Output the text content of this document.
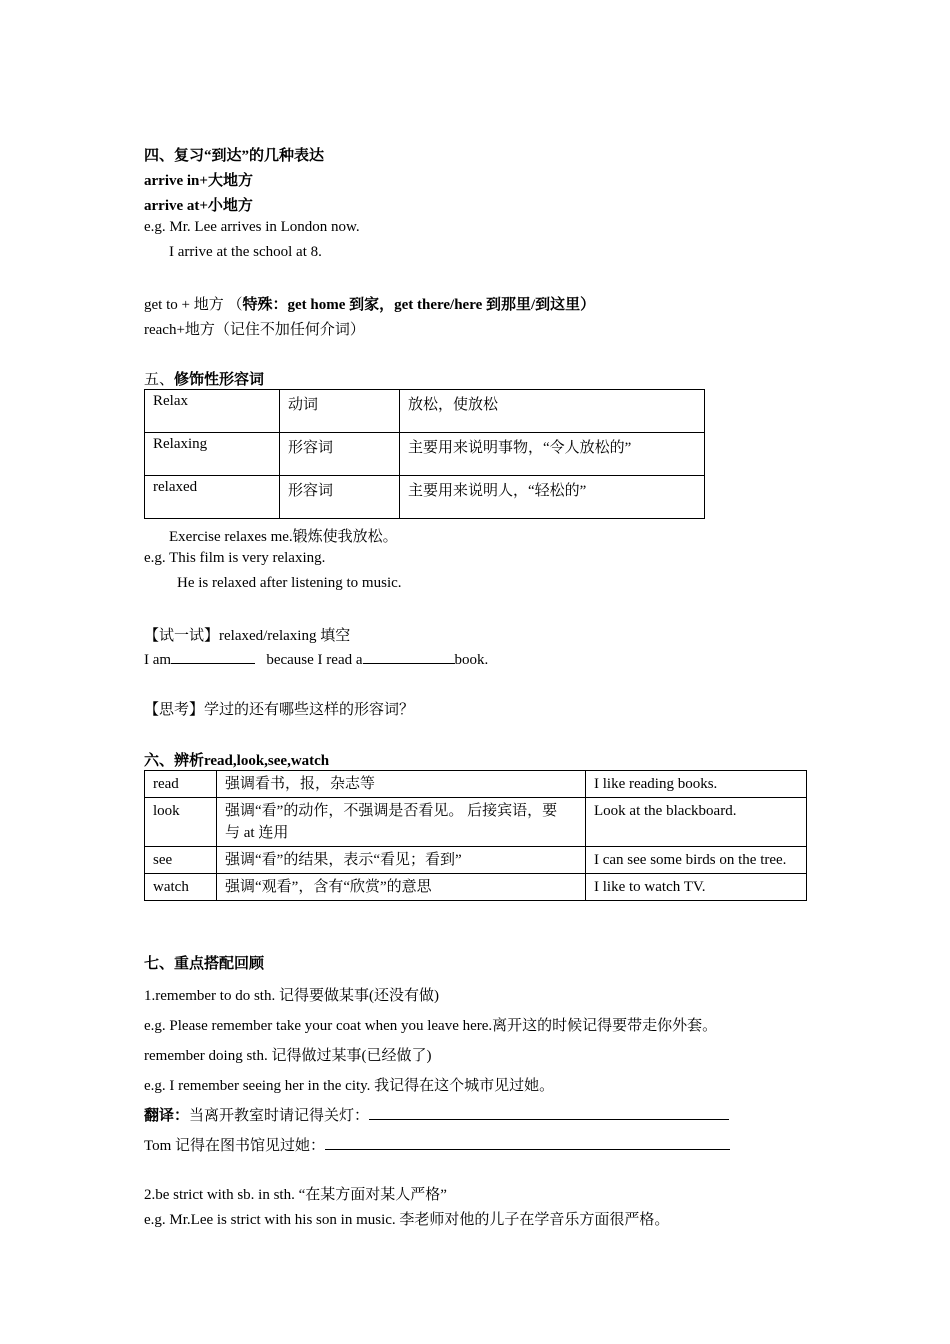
四、复习“到达”的几种表达
arrive in+大地方
arrive at+小地方
e.g. Mr. Lee arrives in London now.
I arrive at the school at 8.
get to + 地方 （特殊：get home 到家，get there/here 到那里/到这里）
reach+地方（记住不加任何介词）
五、修饰性形容词
Relax	动词	放松，使放松
Relaxing	形容词	主要用来说明事物，“令人放松的”
relaxed	形容词	主要用来说明人，“轻松的”
Exercise relaxes me.锻炼使我放松。
e.g. This film is very relaxing.
He is relaxed after listening to music.
【试一试】relaxed/relaxing 填空
I am	because I read a	book.
【思考】学过的还有哪些这样的形容词？
六、辨析read,look,see,watch
read	强调看书，报，杂志等	I like reading books.
look	强调“看”的动作，不强调是否看见。 后接宾语，要
与 at 连用	Look at the blackboard.
see	强调“看”的结果，表示“看见；看到”	I can see some birds on the tree.
watch	强调“观看”，含有“欣赏”的意思	I like to watch TV.
七、重点搭配回顾
1.remember to do sth. 记得要做某事(还没有做)
e.g. Please remember take your coat when you leave here.离开这的时候记得要带走你外套。
remember doing sth. 记得做过某事(已经做了)
e.g. I remember seeing her in the city. 我记得在这个城市见过她。
翻译：当离开教室时请记得关灯：
Tom 记得在图书馆见过她：
2.be strict with sb. in sth. “在某方面对某人严格”
e.g. Mr.Lee is strict with his son in music. 李老师对他的儿子在学音乐方面很严格。
